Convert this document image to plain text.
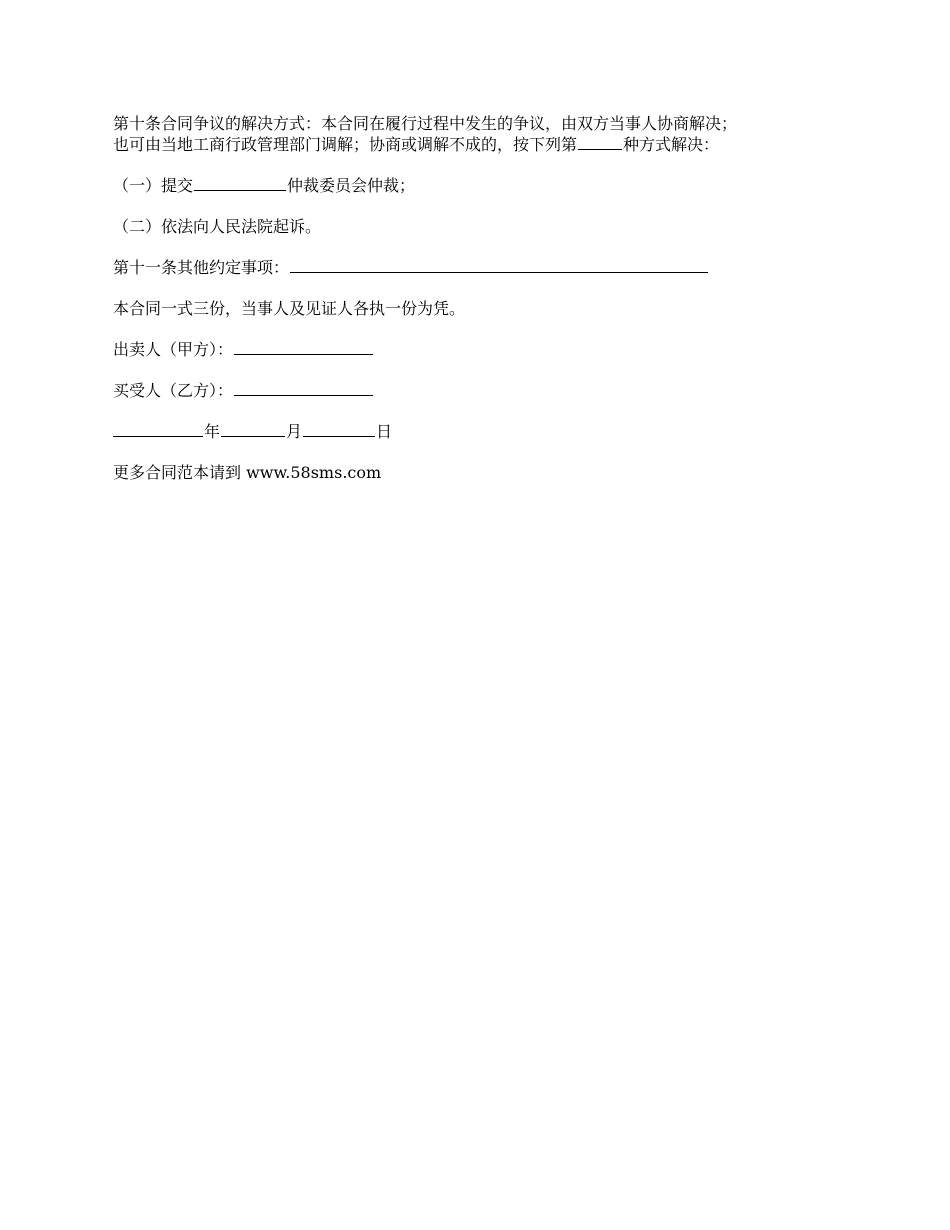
第十条合同争议的解决方式：本合同在履行过程中发生的争议，由双方当事人协商解决；
也可由当地工商行政管理部门调解；协商或调解不成的，按下列第	种方式解决：

（一）提交	仲裁委员会仲裁；

（二）依法向人民法院起诉。

第十一条其他约定事项：

本合同一式三份，当事人及见证人各执一份为凭。

出卖人（甲方）：

买受人（乙方）：

年	月	日

更多合同范本请到 www.58sms.com
